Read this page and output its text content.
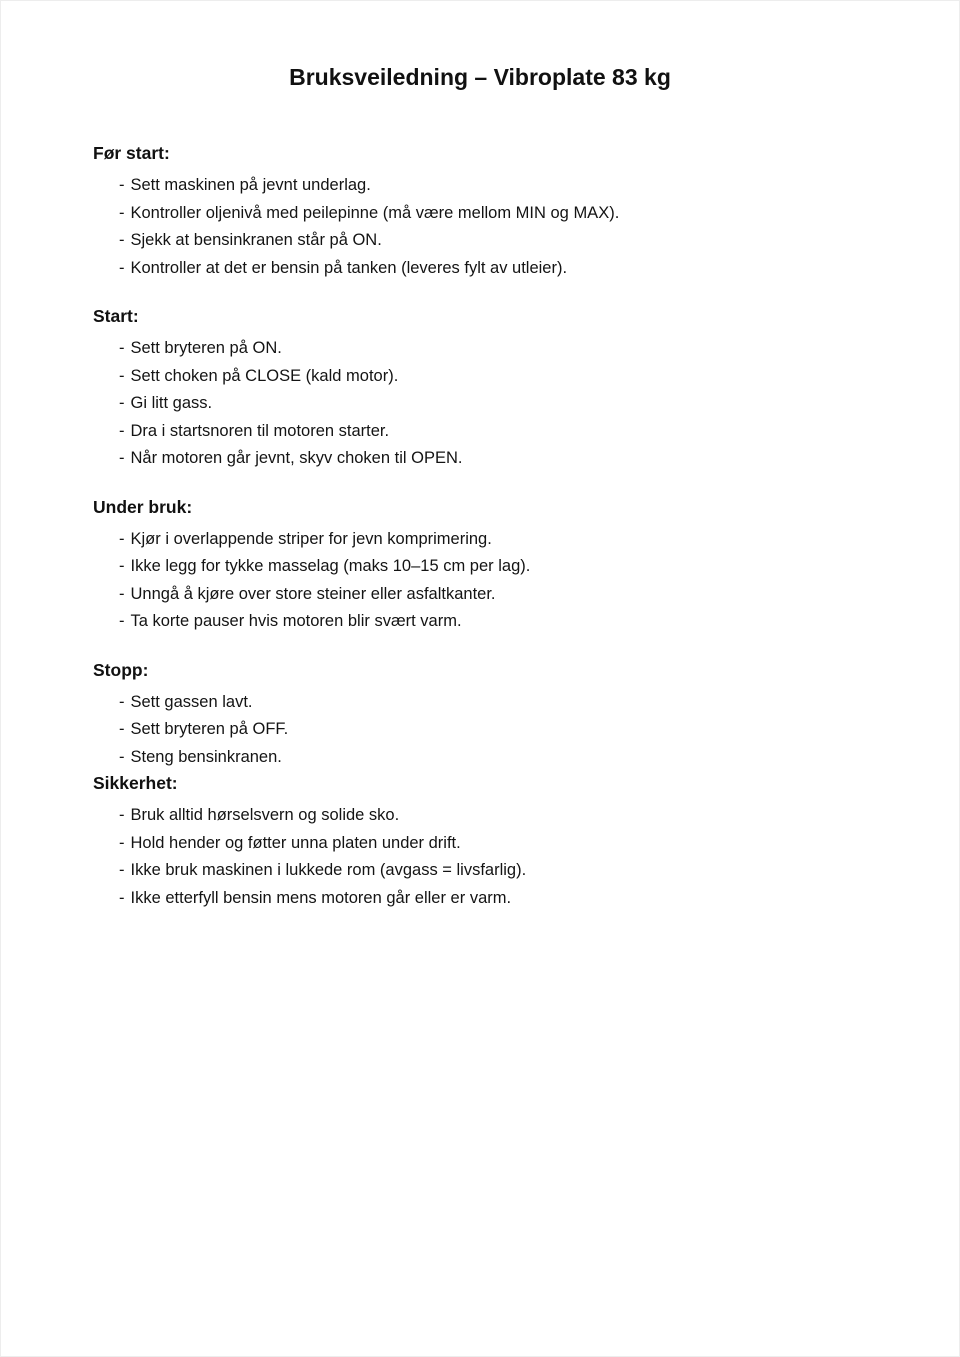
Bruksveiledning – Vibroplate 83 kg
Før start:
- Sett maskinen på jevnt underlag.
- Kontroller oljenivå med peilepinne (må være mellom MIN og MAX).
- Sjekk at bensinkranen står på ON.
- Kontroller at det er bensin på tanken (leveres fylt av utleier).
Start:
- Sett bryteren på ON.
- Sett choken på CLOSE (kald motor).
- Gi litt gass.
- Dra i startsnoren til motoren starter.
- Når motoren går jevnt, skyv choken til OPEN.
Under bruk:
- Kjør i overlappende striper for jevn komprimering.
- Ikke legg for tykke masselag (maks 10–15 cm per lag).
- Unngå å kjøre over store steiner eller asfaltkanter.
- Ta korte pauser hvis motoren blir svært varm.
Stopp:
- Sett gassen lavt.
- Sett bryteren på OFF.
- Steng bensinkranen.
Sikkerhet:
- Bruk alltid hørselsvern og solide sko.
- Hold hender og føtter unna platen under drift.
- Ikke bruk maskinen i lukkede rom (avgass = livsfarlig).
- Ikke etterfyll bensin mens motoren går eller er varm.
